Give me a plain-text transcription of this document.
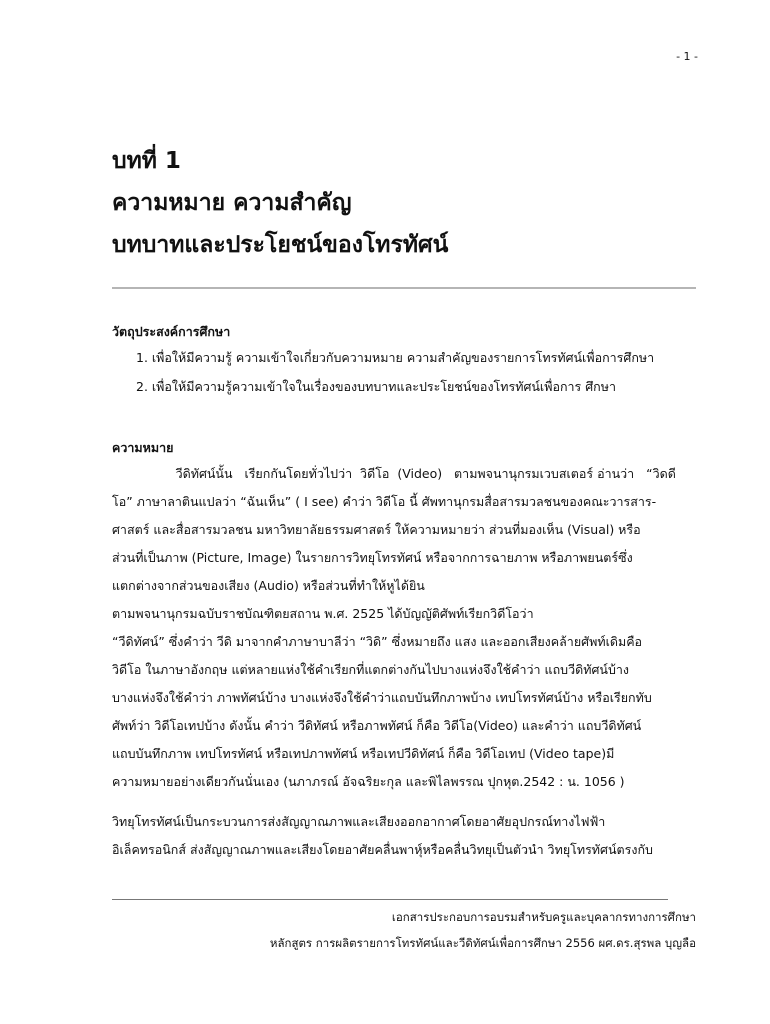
- 1 -
บทที่ 1
ความหมาย ความสำคัญ
บทบาทและประโยชน์ของโทรทัศน์
วัตถุประสงค์การศึกษา
1. เพื่อให้มีความรู้ ความเข้าใจเกี่ยวกับความหมาย ความสำคัญของรายการโทรทัศน์เพื่อการศึกษา
2. เพื่อให้มีความรู้ความเข้าใจในเรื่องของบทบาทและประโยชน์ของโทรทัศน์เพื่อการ ศึกษา
ความหมาย
วีดิทัศน์นั้น   เรียกกันโดยทั่วไปว่า  วิดีโอ  (Video)   ตามพจนานุกรมเวบสเตอร์ อ่านว่า   “วิดดี
โอ” ภาษาลาตินแปลว่า “ฉันเห็น” ( I see) คำว่า วิดีโอ นี้ ศัพทานุกรมสื่อสารมวลชนของคณะวารสาร-
ศาสตร์ และสื่อสารมวลชน มหาวิทยาลัยธรรมศาสตร์ ให้ความหมายว่า ส่วนที่มองเห็น (Visual) หรือ
ส่วนที่เป็นภาพ (Picture, Image) ในรายการวิทยุโทรทัศน์ หรือจากการฉายภาพ หรือภาพยนตร์ซึ่ง
แตกต่างจากส่วนของเสียง (Audio) หรือส่วนที่ทำให้หูได้ยิน
ตามพจนานุกรมฉบับราชบัณฑิตยสถาน พ.ศ. 2525 ได้บัญญัติศัพท์เรียกวิดีโอว่า
“วีดิทัศน์” ซึ่งคำว่า วีดิ มาจากคำภาษาบาลีว่า “วิดิ” ซึ่งหมายถึง แสง และออกเสียงคล้ายศัพท์เดิมคือ
วิดีโอ ในภาษาอังกฤษ แต่หลายแห่งใช้คำเรียกที่แตกต่างกันไปบางแห่งจึงใช้คำว่า แถบวีดิทัศน์บ้าง
บางแห่งจึงใช้คำว่า ภาพทัศน์บ้าง บางแห่งจึงใช้คำว่าแถบบันทึกภาพบ้าง เทปโทรทัศน์บ้าง หรือเรียกทับ
ศัพท์ว่า วิดีโอเทปบ้าง ดังนั้น คำว่า วีดิทัศน์ หรือภาพทัศน์ ก็คือ วิดีโอ(Video) และคำว่า แถบวีดิทัศน์
แถบบันทึกภาพ เทปโทรทัศน์ หรือเทปภาพทัศน์ หรือเทปวีดิทัศน์ ก็คือ วิดีโอเทป (Video tape)มี
ความหมายอย่างเดียวกันนั่นเอง (นภาภรณ์ อัจฉริยะกุล และพิไลพรรณ ปุกหุต.2542 : น. 1056 )
วิทยุโทรทัศน์เป็นกระบวนการส่งสัญญาณภาพและเสียงออกอากาศโดยอาศัยอุปกรณ์ทางไฟฟ้า
อิเล็คทรอนิกส์ ส่งสัญญาณภาพและเสียงโดยอาศัยคลื่นพาหุ์หรือคลื่นวิทยุเป็นตัวนำ วิทยุโทรทัศน์ตรงกับ
เอกสารประกอบการอบรมสำหรับครูและบุคลากรทางการศึกษา
หลักสูตร การผลิตรายการโทรทัศน์และวีดิทัศน์เพื่อการศึกษา 2556 ผศ.ดร.สุรพล บุญลือ
